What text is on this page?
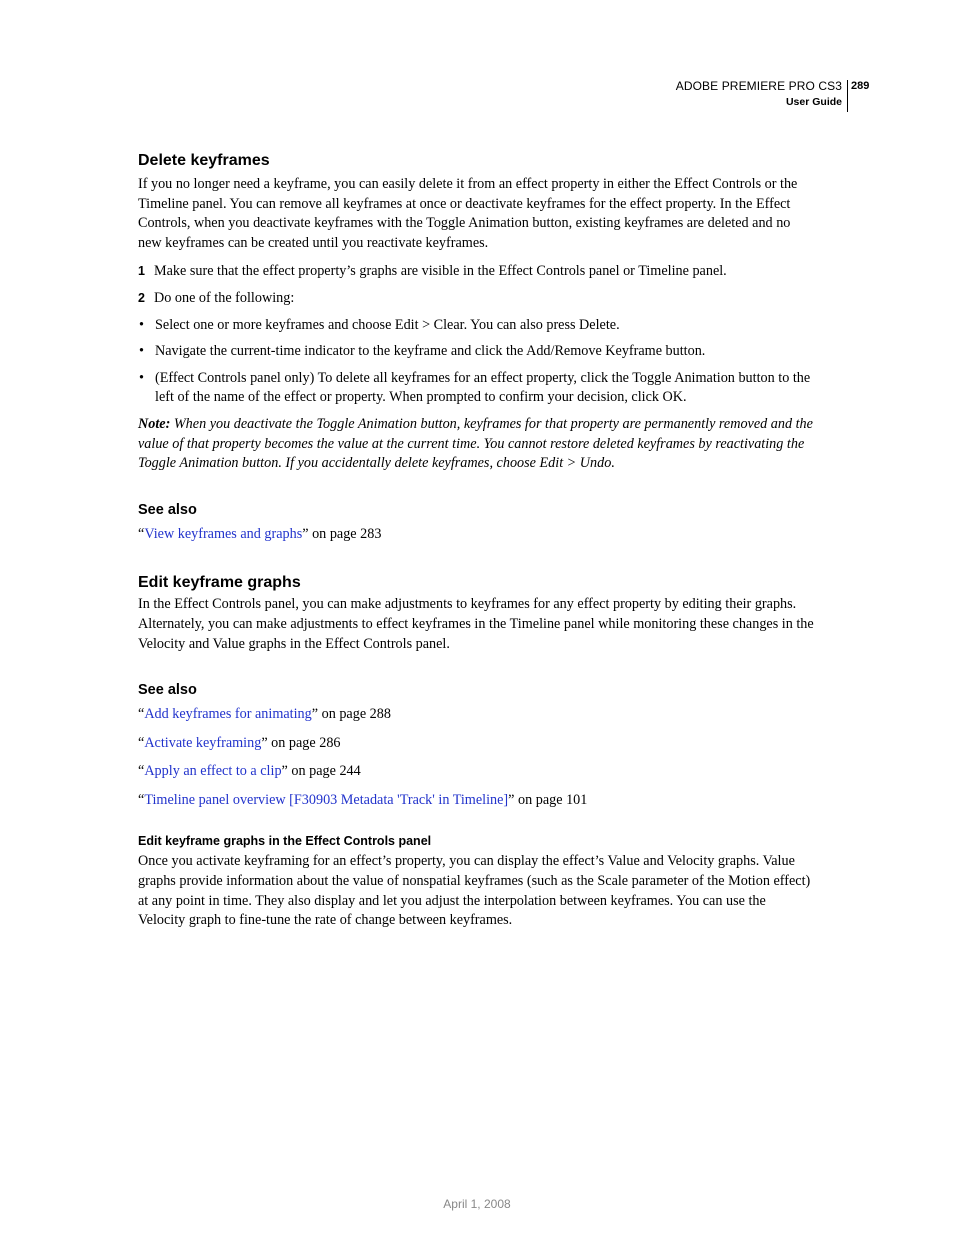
ADOBE PREMIERE PRO CS3
User Guide
289
Delete keyframes

If you no longer need a keyframe, you can easily delete it from an effect property in either the Effect Controls or the Timeline panel. You can remove all keyframes at once or deactivate keyframes for the effect property. In the Effect Controls, when you deactivate keyframes with the Toggle Animation button, existing keyframes are deleted and no new keyframes can be created until you reactivate keyframes.

1 Make sure that the effect property’s graphs are visible in the Effect Controls panel or Timeline panel.
2 Do one of the following:
• Select one or more keyframes and choose Edit > Clear. You can also press Delete.
• Navigate the current-time indicator to the keyframe and click the Add/Remove Keyframe button.
• (Effect Controls panel only) To delete all keyframes for an effect property, click the Toggle Animation button to the left of the name of the effect or property. When prompted to confirm your decision, click OK.

Note: When you deactivate the Toggle Animation button, keyframes for that property are permanently removed and the value of that property becomes the value at the current time. You cannot restore deleted keyframes by reactivating the Toggle Animation button. If you accidentally delete keyframes, choose Edit > Undo.

See also

“View keyframes and graphs” on page 283

Edit keyframe graphs

In the Effect Controls panel, you can make adjustments to keyframes for any effect property by editing their graphs. Alternately, you can make adjustments to effect keyframes in the Timeline panel while monitoring these changes in the Velocity and Value graphs in the Effect Controls panel.

See also

“Add keyframes for animating” on page 288

“Activate keyframing” on page 286

“Apply an effect to a clip” on page 244

“Timeline panel overview [F30903 Metadata 'Track' in Timeline]” on page 101

Edit keyframe graphs in the Effect Controls panel

Once you activate keyframing for an effect’s property, you can display the effect’s Value and Velocity graphs. Value graphs provide information about the value of nonspatial keyframes (such as the Scale parameter of the Motion effect) at any point in time. They also display and let you adjust the interpolation between keyframes. You can use the Velocity graph to fine-tune the rate of change between keyframes.

April 1, 2008
